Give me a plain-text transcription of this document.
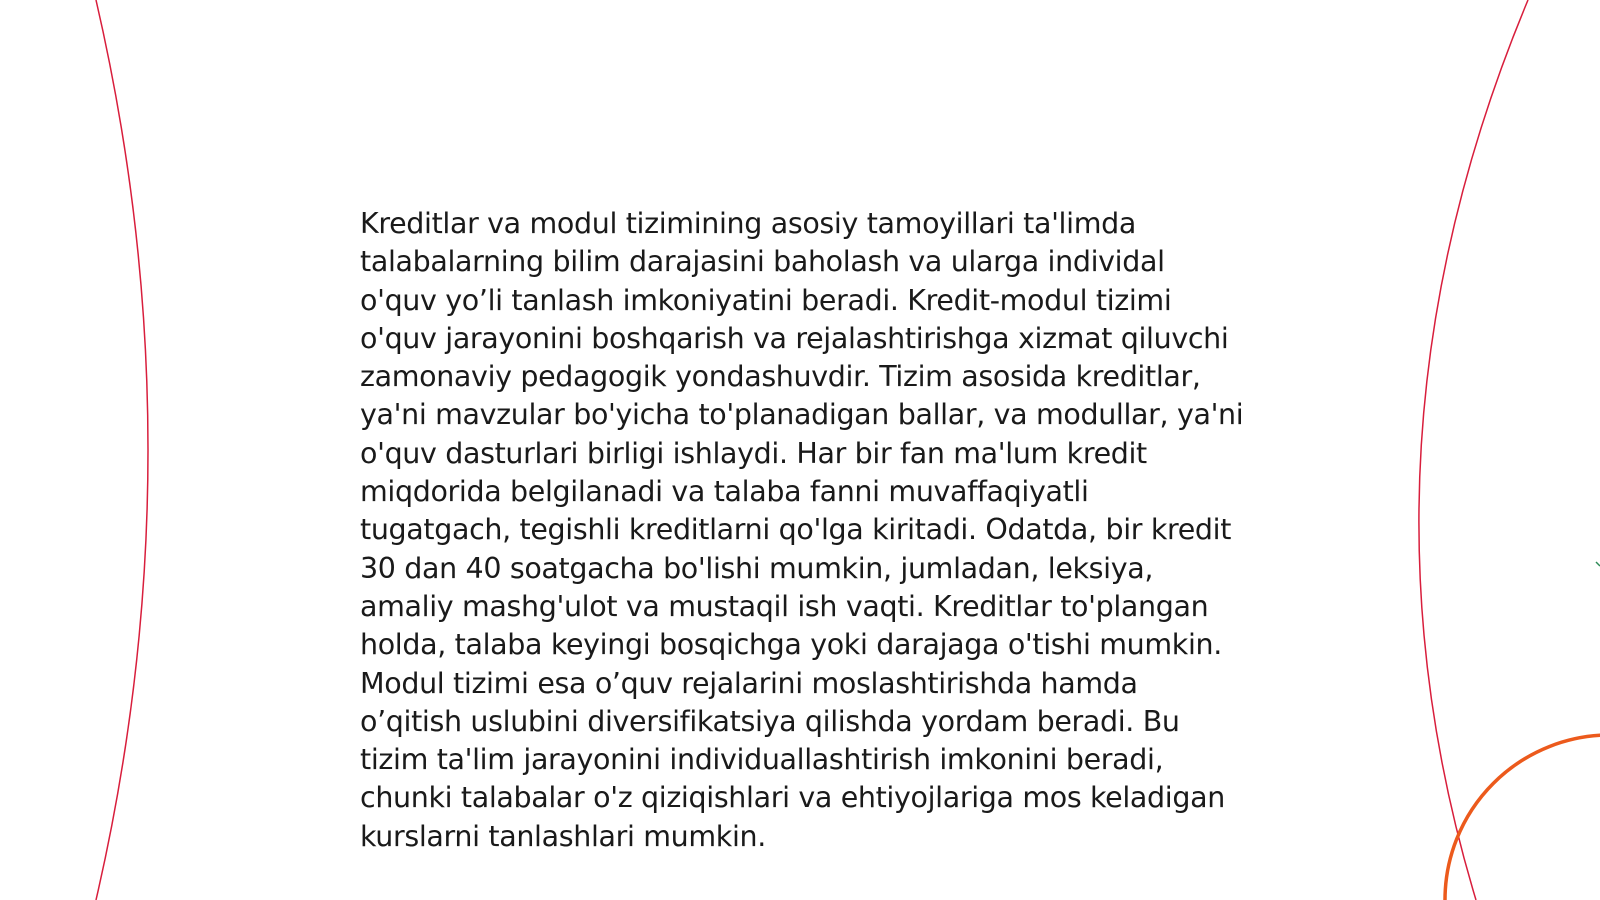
Kreditlar va modul tizimining asosiy tamoyillari ta'limda talabalarning bilim darajasini baholash va ularga individal o'quv yo’li tanlash imkoniyatini beradi. Kredit-modul tizimi o'quv jarayonini boshqarish va rejalashtirishga xizmat qiluvchi zamonaviy pedagogik yondashuvdir. Tizim asosida kreditlar, ya'ni mavzular bo'yicha to'planadigan ballar, va modullar, ya'ni o'quv dasturlari birligi ishlaydi. Har bir fan ma'lum kredit miqdorida belgilanadi va talaba fanni muvaffaqiyatli tugatgach, tegishli kreditlarni qo'lga kiritadi. Odatda, bir kredit 30 dan 40 soatgacha bo'lishi mumkin, jumladan, leksiya, amaliy mashg'ulot va mustaqil ish vaqti. Kreditlar to'plangan holda, talaba keyingi bosqichga yoki darajaga o'tishi mumkin. Modul tizimi esa o’quv rejalarini moslashtirishda hamda o’qitish uslubini diversifikatsiya qilishda yordam beradi. Bu tizim ta'lim jarayonini individuallashtirish imkonini beradi, chunki talabalar o'z qiziqishlari va ehtiyojlariga mos keladigan kurslarni tanlashlari mumkin.
